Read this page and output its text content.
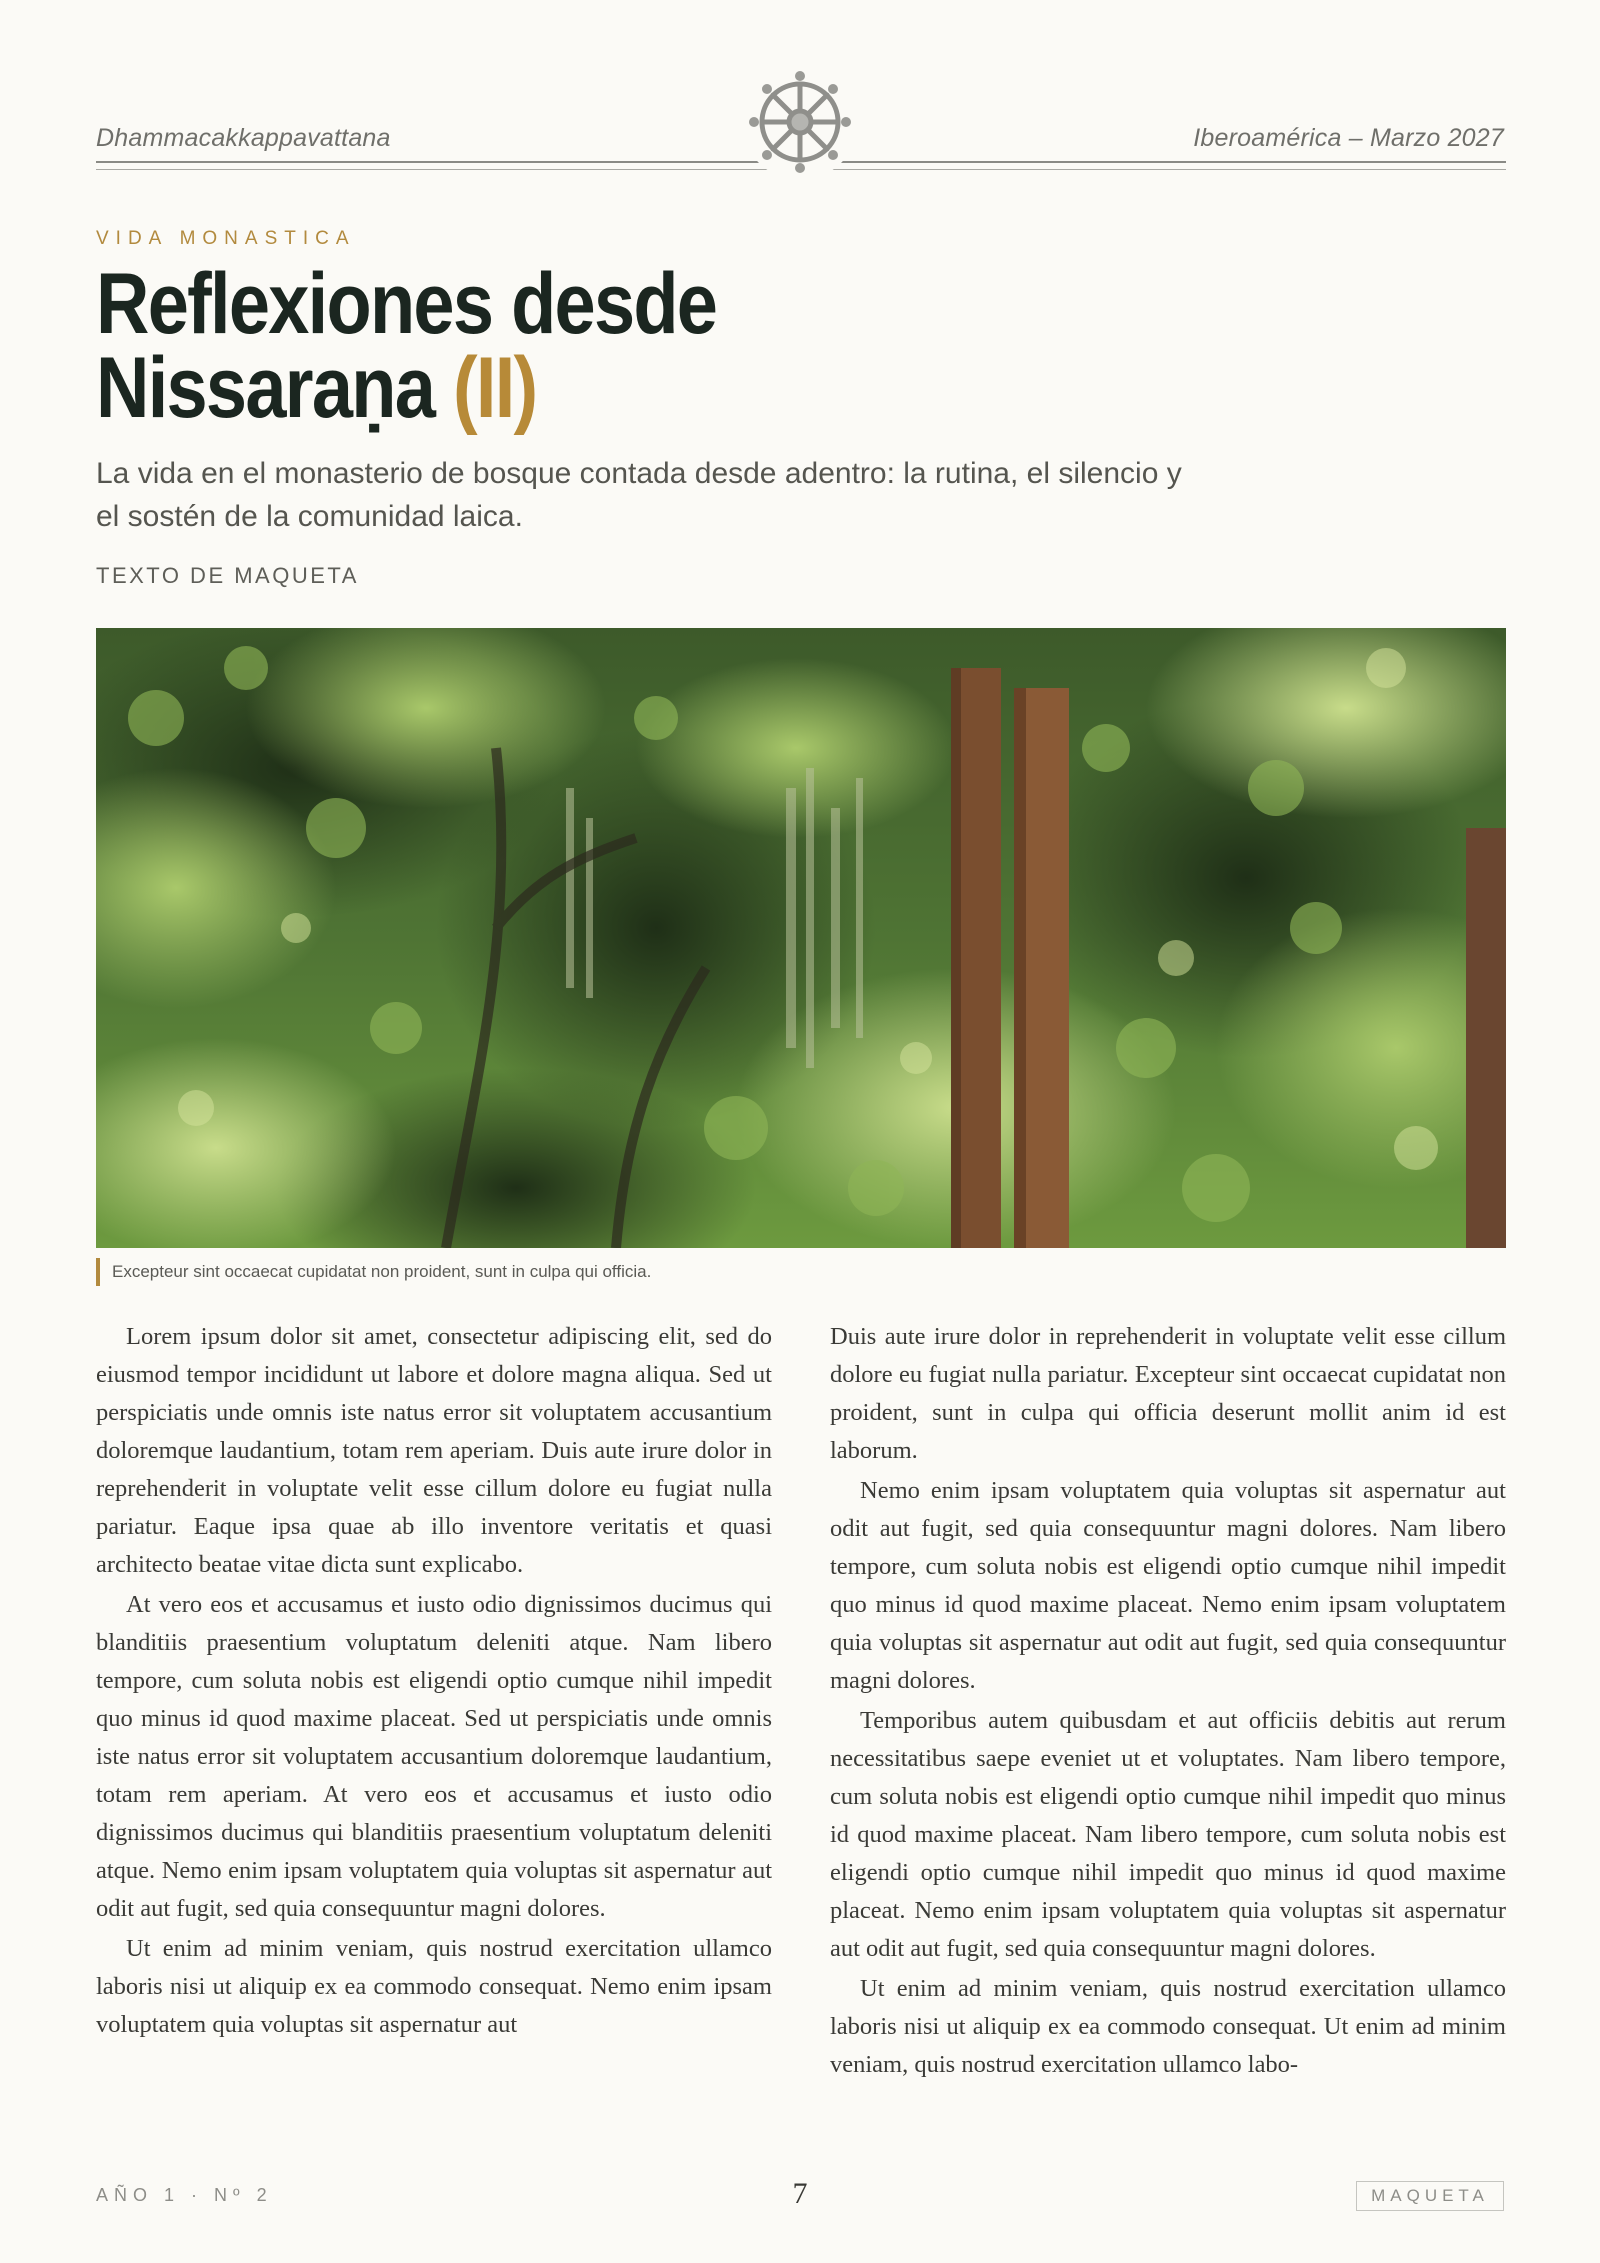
Dhammacakkappavattana	Iberoamérica – Marzo 2027
VIDA MONASTICA
Reflexiones desde
Nissaraṇa (II)
La vida en el monasterio de bosque contada desde adentro: la rutina, el silencio y el sostén de la comunidad laica.
TEXTO DE MAQUETA
Excepteur sint occaecat cupidatat non proident, sunt in culpa qui officia.

Lorem ipsum dolor sit amet, consectetur adipiscing elit, sed do eiusmod tempor incididunt ut labore et dolore magna aliqua. Sed ut perspiciatis unde omnis iste natus error sit voluptatem accusantium doloremque laudantium, totam rem aperiam. Duis aute irure dolor in reprehenderit in voluptate velit esse cillum dolore eu fugiat nulla pariatur. Eaque ipsa quae ab illo inventore veritatis et quasi architecto beatae vitae dicta sunt explicabo.

At vero eos et accusamus et iusto odio dignissimos ducimus qui blanditiis praesentium voluptatum deleniti atque. Nam libero tempore, cum soluta nobis est eligendi optio cumque nihil impedit quo minus id quod maxime placeat. Sed ut perspiciatis unde omnis iste natus error sit voluptatem accusantium doloremque laudantium, totam rem aperiam. At vero eos et accusamus et iusto odio dignissimos ducimus qui blanditiis praesentium voluptatum deleniti atque. Nemo enim ipsam voluptatem quia voluptas sit aspernatur aut odit aut fugit, sed quia consequuntur magni dolores.

Ut enim ad minim veniam, quis nostrud exercitation ullamco laboris nisi ut aliquip ex ea commodo consequat. Nemo enim ipsam voluptatem quia voluptas sit aspernatur aut

Duis aute irure dolor in reprehenderit in voluptate velit esse cillum dolore eu fugiat nulla pariatur. Excepteur sint occaecat cupidatat non proident, sunt in culpa qui officia deserunt mollit anim id est laborum.

Nemo enim ipsam voluptatem quia voluptas sit aspernatur aut odit aut fugit, sed quia consequuntur magni dolores. Nam libero tempore, cum soluta nobis est eligendi optio cumque nihil impedit quo minus id quod maxime placeat. Nemo enim ipsam voluptatem quia voluptas sit aspernatur aut odit aut fugit, sed quia consequuntur magni dolores.

Temporibus autem quibusdam et aut officiis debitis aut rerum necessitatibus saepe eveniet ut et voluptates. Nam libero tempore, cum soluta nobis est eligendi optio cumque nihil impedit quo minus id quod maxime placeat. Nam libero tempore, cum soluta nobis est eligendi optio cumque nihil impedit quo minus id quod maxime placeat. Nemo enim ipsam voluptatem quia voluptas sit aspernatur aut odit aut fugit, sed quia consequuntur magni dolores.

Ut enim ad minim veniam, quis nostrud exercitation ullamco laboris nisi ut aliquip ex ea commodo consequat. Ut enim ad minim veniam, quis nostrud exercitation ullamco labo-

AÑO 1 · Nº 2	7	MAQUETA
